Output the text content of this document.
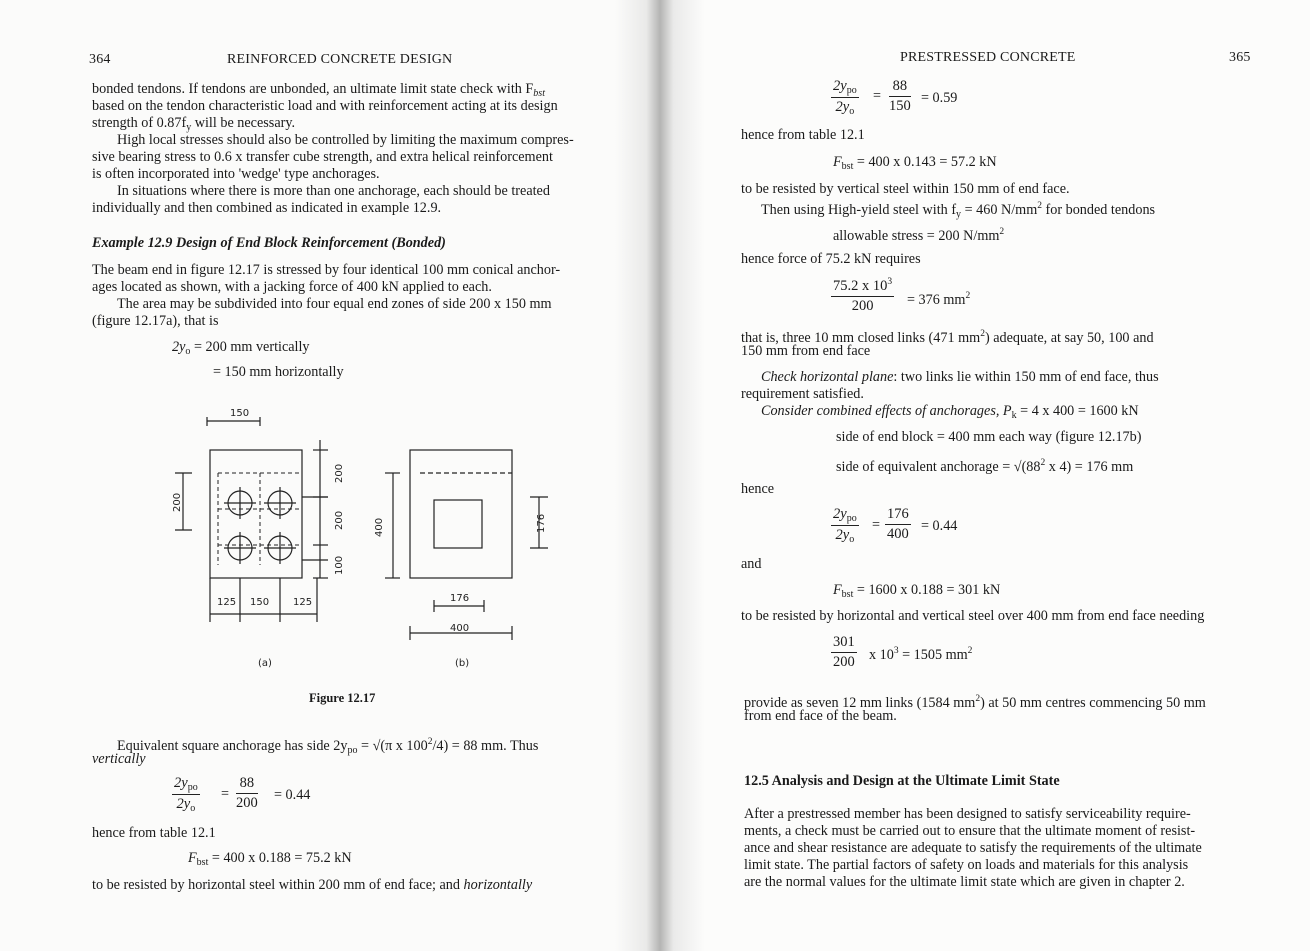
364	REINFORCED CONCRETE DESIGN
bonded tendons. If tendons are unbonded, an ultimate limit state check with $F_{bst}$
based on the tendon characteristic load and with reinforcement acting at its design
strength of $0.87f_y$ will be necessary.
High local stresses should also be controlled by limiting the maximum compres-
sive bearing stress to 0.6 x transfer cube strength, and extra helical reinforcement
is often incorporated into 'wedge' type anchorages.
In situations where there is more than one anchorage, each should be treated
individually and then combined as indicated in example 12.9.
Example 12.9 Design of End Block Reinforcement (Bonded)
The beam end in figure 12.17 is stressed by four identical 100 mm conical anchor-
ages located as shown, with a jacking force of 400 kN applied to each.
The area may be subdivided into four equal end zones of side 200 x 150 mm
(figure 12.17a), that is
$2y_o = 200$ mm vertically
= 150 mm horizontally
150
200
200
200
100
125 150 125
400	176
176
400
(a)	(b)
Figure 12.17
Equivalent square anchorage has side $2y_{po} = √(\pi$ x $100^2/4) = 88$ mm. Thus
vertically
$2y_{po}$
$2y_o$
= $\frac{88}{200} = 0.44$
hence from table 12.1
$F_{bst} = 400$ x 0.188 = 75.2 kN
to be resisted by horizontal steel within 200 mm of end face; and horizontally
PRESTRESSED CONCRETE	365
$2y_{po}$
$2y_o$
= $\frac{88}{150} = 0.59$
hence from table 12.1
$F_{bst} = 400$ x 0.143 = 57.2 kN
to be resisted by vertical steel within 150 mm of end face.
Then using High-yield steel with $f_y = 460$ $N/mm^2$ for bonded tendons
allowable stress = 200 $N/mm^2$
hence force of 75.2 kN requires
$\frac{75.2 x 10^3}{200} = 376$ $mm^2$
that is, three 10 mm closed links (471 $mm^2$) adequate, at say 50, 100 and
150 mm from end face
Check horizontal plane: two links lie within 150 mm of end face, thus
requirement satisfied.
Consider combined effects of anchorages, $P_k = 4$ x 400 = 1600 kN
side of end block = 400 mm each way (figure 12.17b)
side of equivalent anchorage = $√(88^2$ x 4) = 176 mm
hence
$2y_{po}$
$2y_o$
= $\frac{176}{400} = 0.44$
and
$F_{bst} = 1600$ x 0.188 = 301 kN
to be resisted by horizontal and vertical steel over 400 mm from end face needing
$\frac{301}{200}$ x $10^3 = 1505$ $mm^2$
provide as seven 12 mm links (1584 $mm^2$) at 50 mm centres commencing 50 mm
from end face of the beam.
12.5 Analysis and Design at the Ultimate Limit State
After a prestressed member has been designed to satisfy serviceability require-
ments, a check must be carried out to ensure that the ultimate moment of resist-
ance and shear resistance are adequate to satisfy the requirements of the ultimate
limit state. The partial factors of safety on loads and materials for this analysis
are the normal values for the ultimate limit state which are given in chapter 2.
